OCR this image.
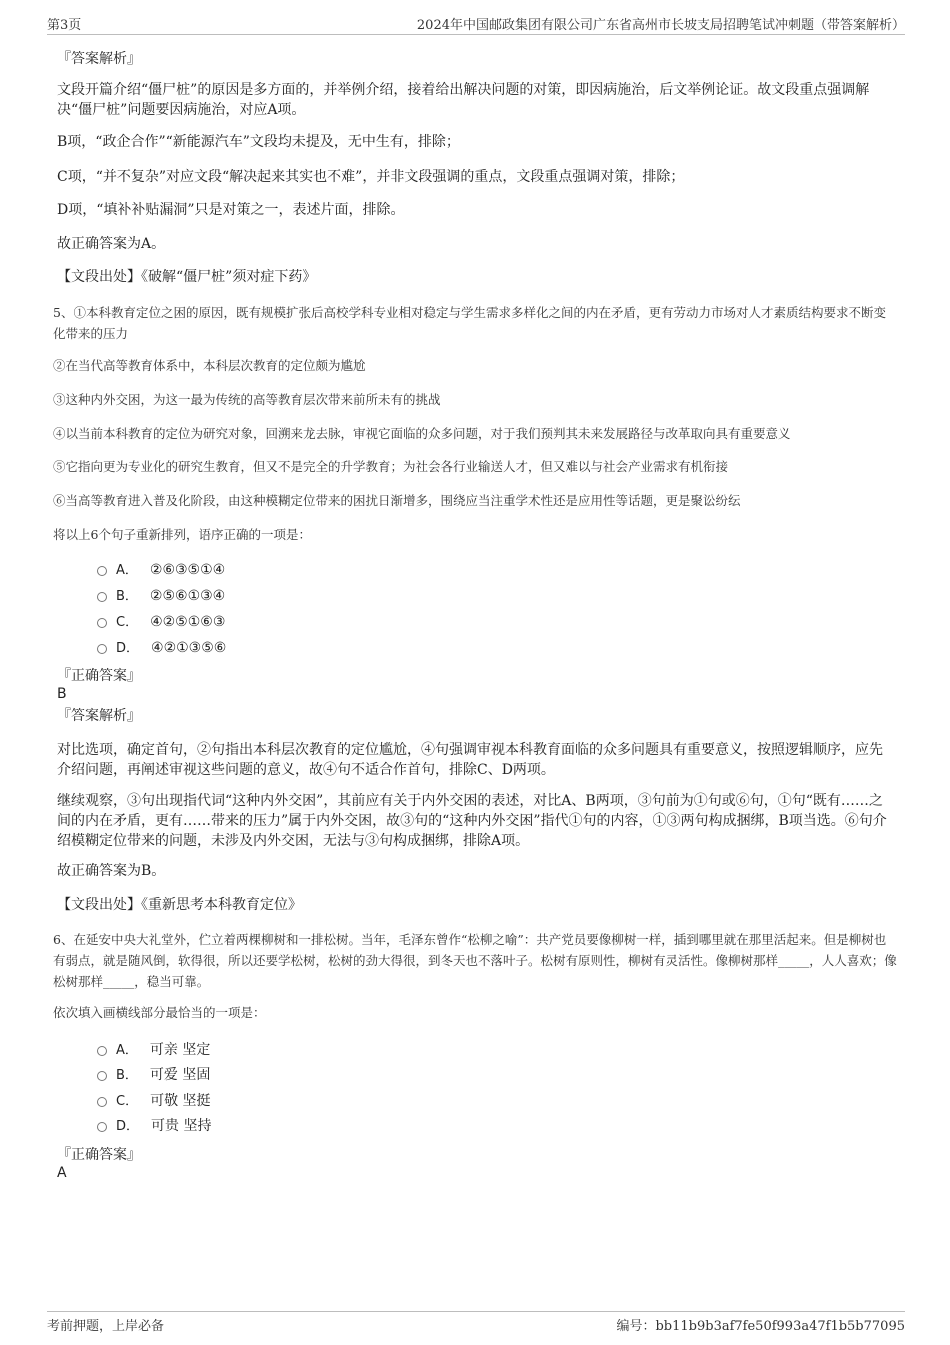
第3页	2024年中国邮政集团有限公司广东省高州市长坡支局招聘笔试冲刺题（带答案解析）
『答案解析』
文段开篇介绍“僵尸桩”的原因是多方面的，并举例介绍，接着给出解决问题的对策，即因病施治，后文举例论证。故文段重点强调解决“僵尸桩”问题要因病施治，对应A项。
B项，“政企合作”“新能源汽车”文段均未提及，无中生有，排除；
C项，“并不复杂”对应文段“解决起来其实也不难”，并非文段强调的重点，文段重点强调对策，排除；
D项，“填补补贴漏洞”只是对策之一，表述片面，排除。
故正确答案为A。
【文段出处】《破解“僵尸桩”须对症下药》
5、①本科教育定位之困的原因，既有规模扩张后高校学科专业相对稳定与学生需求多样化之间的内在矛盾，更有劳动力市场对人才素质结构要求不断变化带来的压力
②在当代高等教育体系中，本科层次教育的定位颇为尴尬
③这种内外交困，为这一最为传统的高等教育层次带来前所未有的挑战
④以当前本科教育的定位为研究对象，回溯来龙去脉，审视它面临的众多问题，对于我们预判其未来发展路径与改革取向具有重要意义
⑤它指向更为专业化的研究生教育，但又不是完全的升学教育；为社会各行业输送人才，但又难以与社会产业需求有机衔接
⑥当高等教育进入普及化阶段，由这种模糊定位带来的困扰日渐增多，围绕应当注重学术性还是应用性等话题，更是聚讼纷纭
将以上6个句子重新排列，语序正确的一项是：
A． ②⑥③⑤①④
B． ②⑤⑥①③④
C． ④②⑤①⑥③
D． ④②①③⑤⑥
『正确答案』
B
『答案解析』
对比选项，确定首句，②句指出本科层次教育的定位尴尬，④句强调审视本科教育面临的众多问题具有重要意义，按照逻辑顺序，应先介绍问题，再阐述审视这些问题的意义，故④句不适合作首句，排除C、D两项。
继续观察，③句出现指代词“这种内外交困”，其前应有关于内外交困的表述，对比A、B两项，③句前为①句或⑥句，①句“既有……之间的内在矛盾，更有……带来的压力”属于内外交困，故③句的“这种内外交困”指代①句的内容，①③两句构成捆绑，B项当选。⑥句介绍模糊定位带来的问题，未涉及内外交困，无法与③句构成捆绑，排除A项。
故正确答案为B。
【文段出处】《重新思考本科教育定位》
6、在延安中央大礼堂外，伫立着两棵柳树和一排松树。当年，毛泽东曾作“松柳之喻”：共产党员要像柳树一样，插到哪里就在那里活起来。但是柳树也有弱点，就是随风倒，软得很，所以还要学松树，松树的劲大得很，到冬天也不落叶子。松树有原则性，柳树有灵活性。像柳树那样_____，人人喜欢；像松树那样_____，稳当可靠。
依次填入画横线部分最恰当的一项是：
A． 可亲 坚定
B． 可爱 坚固
C． 可敬 坚挺
D． 可贵 坚持
『正确答案』
A
考前押题，上岸必备	编号：bb11b9b3af7fe50f993a47f1b5b77095
